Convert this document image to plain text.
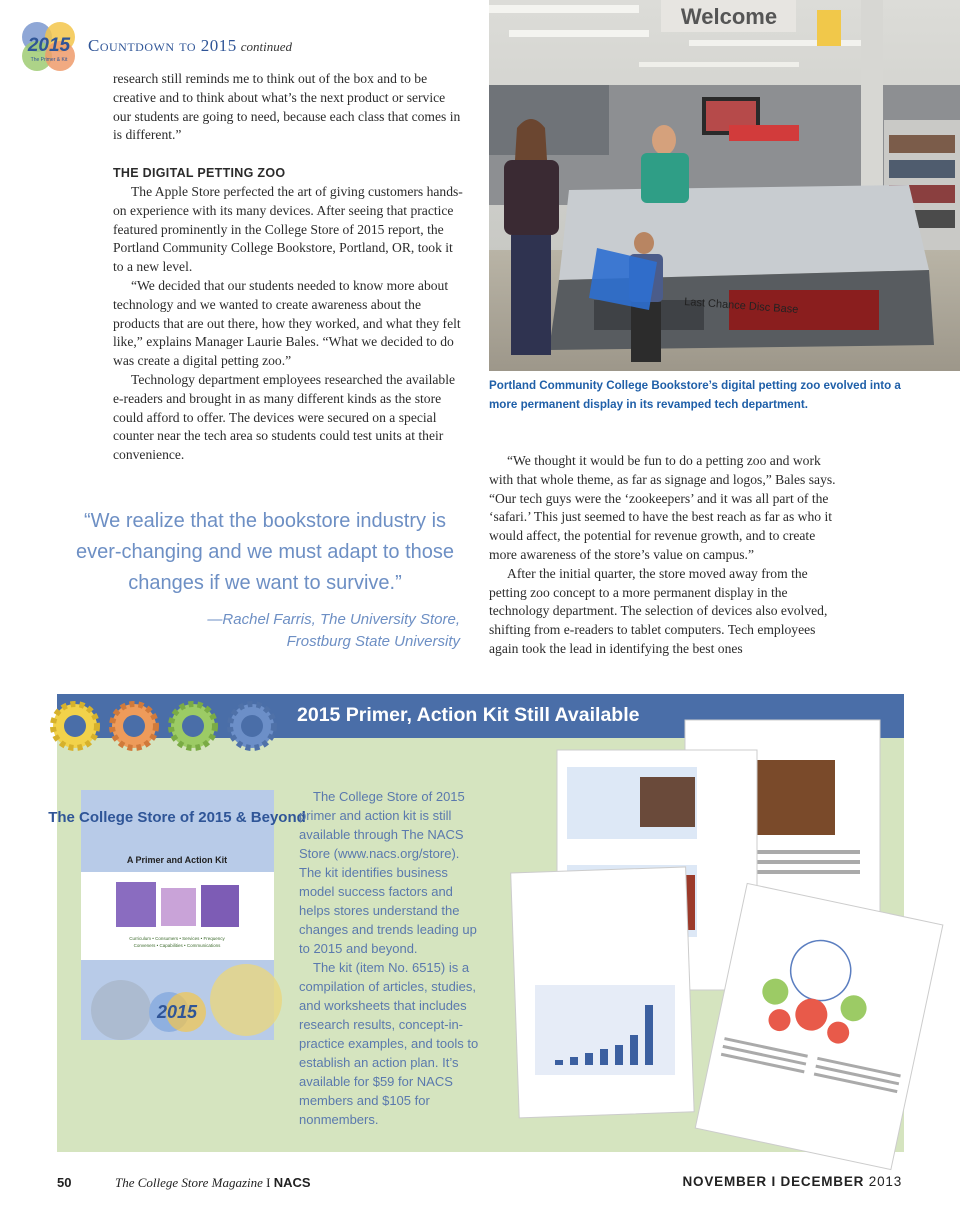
2015
The Primer & Kit
Countdown to 2015 continued

research still reminds me to think out of the box and to be creative and to think about what’s the next product or service our students are going to need, because each class that comes in is different.”

THE DIGITAL PETTING ZOO

The Apple Store perfected the art of giving customers hands-on experience with its many devices. After seeing that practice featured prominently in the College Store of 2015 report, the Portland Community College Bookstore, Portland, OR, took it to a new level.

“We decided that our students needed to know more about technology and we wanted to create awareness about the products that are out there, how they worked, and what they felt like,” explains Manager Laurie Bales. “What we decided to do was create a digital petting zoo.”

Technology department employees researched the available e-readers and brought in as many different kinds as the store could afford to offer. The devices were secured on a special counter near the tech area so students could test units at their convenience.

Welcome
Last Chance Disc Base
Portland Community College Bookstore’s digital petting zoo evolved into a more permanent display in its revamped tech department.
“We realize that the bookstore industry is ever-changing and we must adapt to those changes if we want to survive.”
—Rachel Farris, The University Store,
Frostburg State University

“We thought it would be fun to do a petting zoo and work with that whole theme, as far as signage and logos,” Bales says. “Our tech guys were the ‘zookeepers’ and it was all part of the ‘safari.’ This just seemed to have the best reach as far as who it would affect, the potential for revenue growth, and to create more awareness of the store’s value on campus.”

After the initial quarter, the store moved away from the petting zoo concept to a more permanent display in the technology department. The selection of devices also evolved, shifting from e-readers to tablet computers. Tech employees again took the lead in identifying the best ones

2015 Primer, Action Kit Still Available
The College Store of 2015 & Beyond
A Primer and Action Kit
Curriculum • Consumers • Services • Frequency
Conveners • Capabilities • Communications
2015

The College Store of 2015 primer and action kit is still available through The NACS Store (www.nacs.org/store). The kit identifies business model success factors and helps stores understand the changes and trends leading up to 2015 and beyond.

The kit (item No. 6515) is a compilation of articles, studies, and worksheets that includes research results, concept-in-practice examples, and tools to establish an action plan. It’s available for $59 for NACS members and $105 for nonmembers.

50	The College Store Magazine I NACS	NOVEMBER I DECEMBER 2013
